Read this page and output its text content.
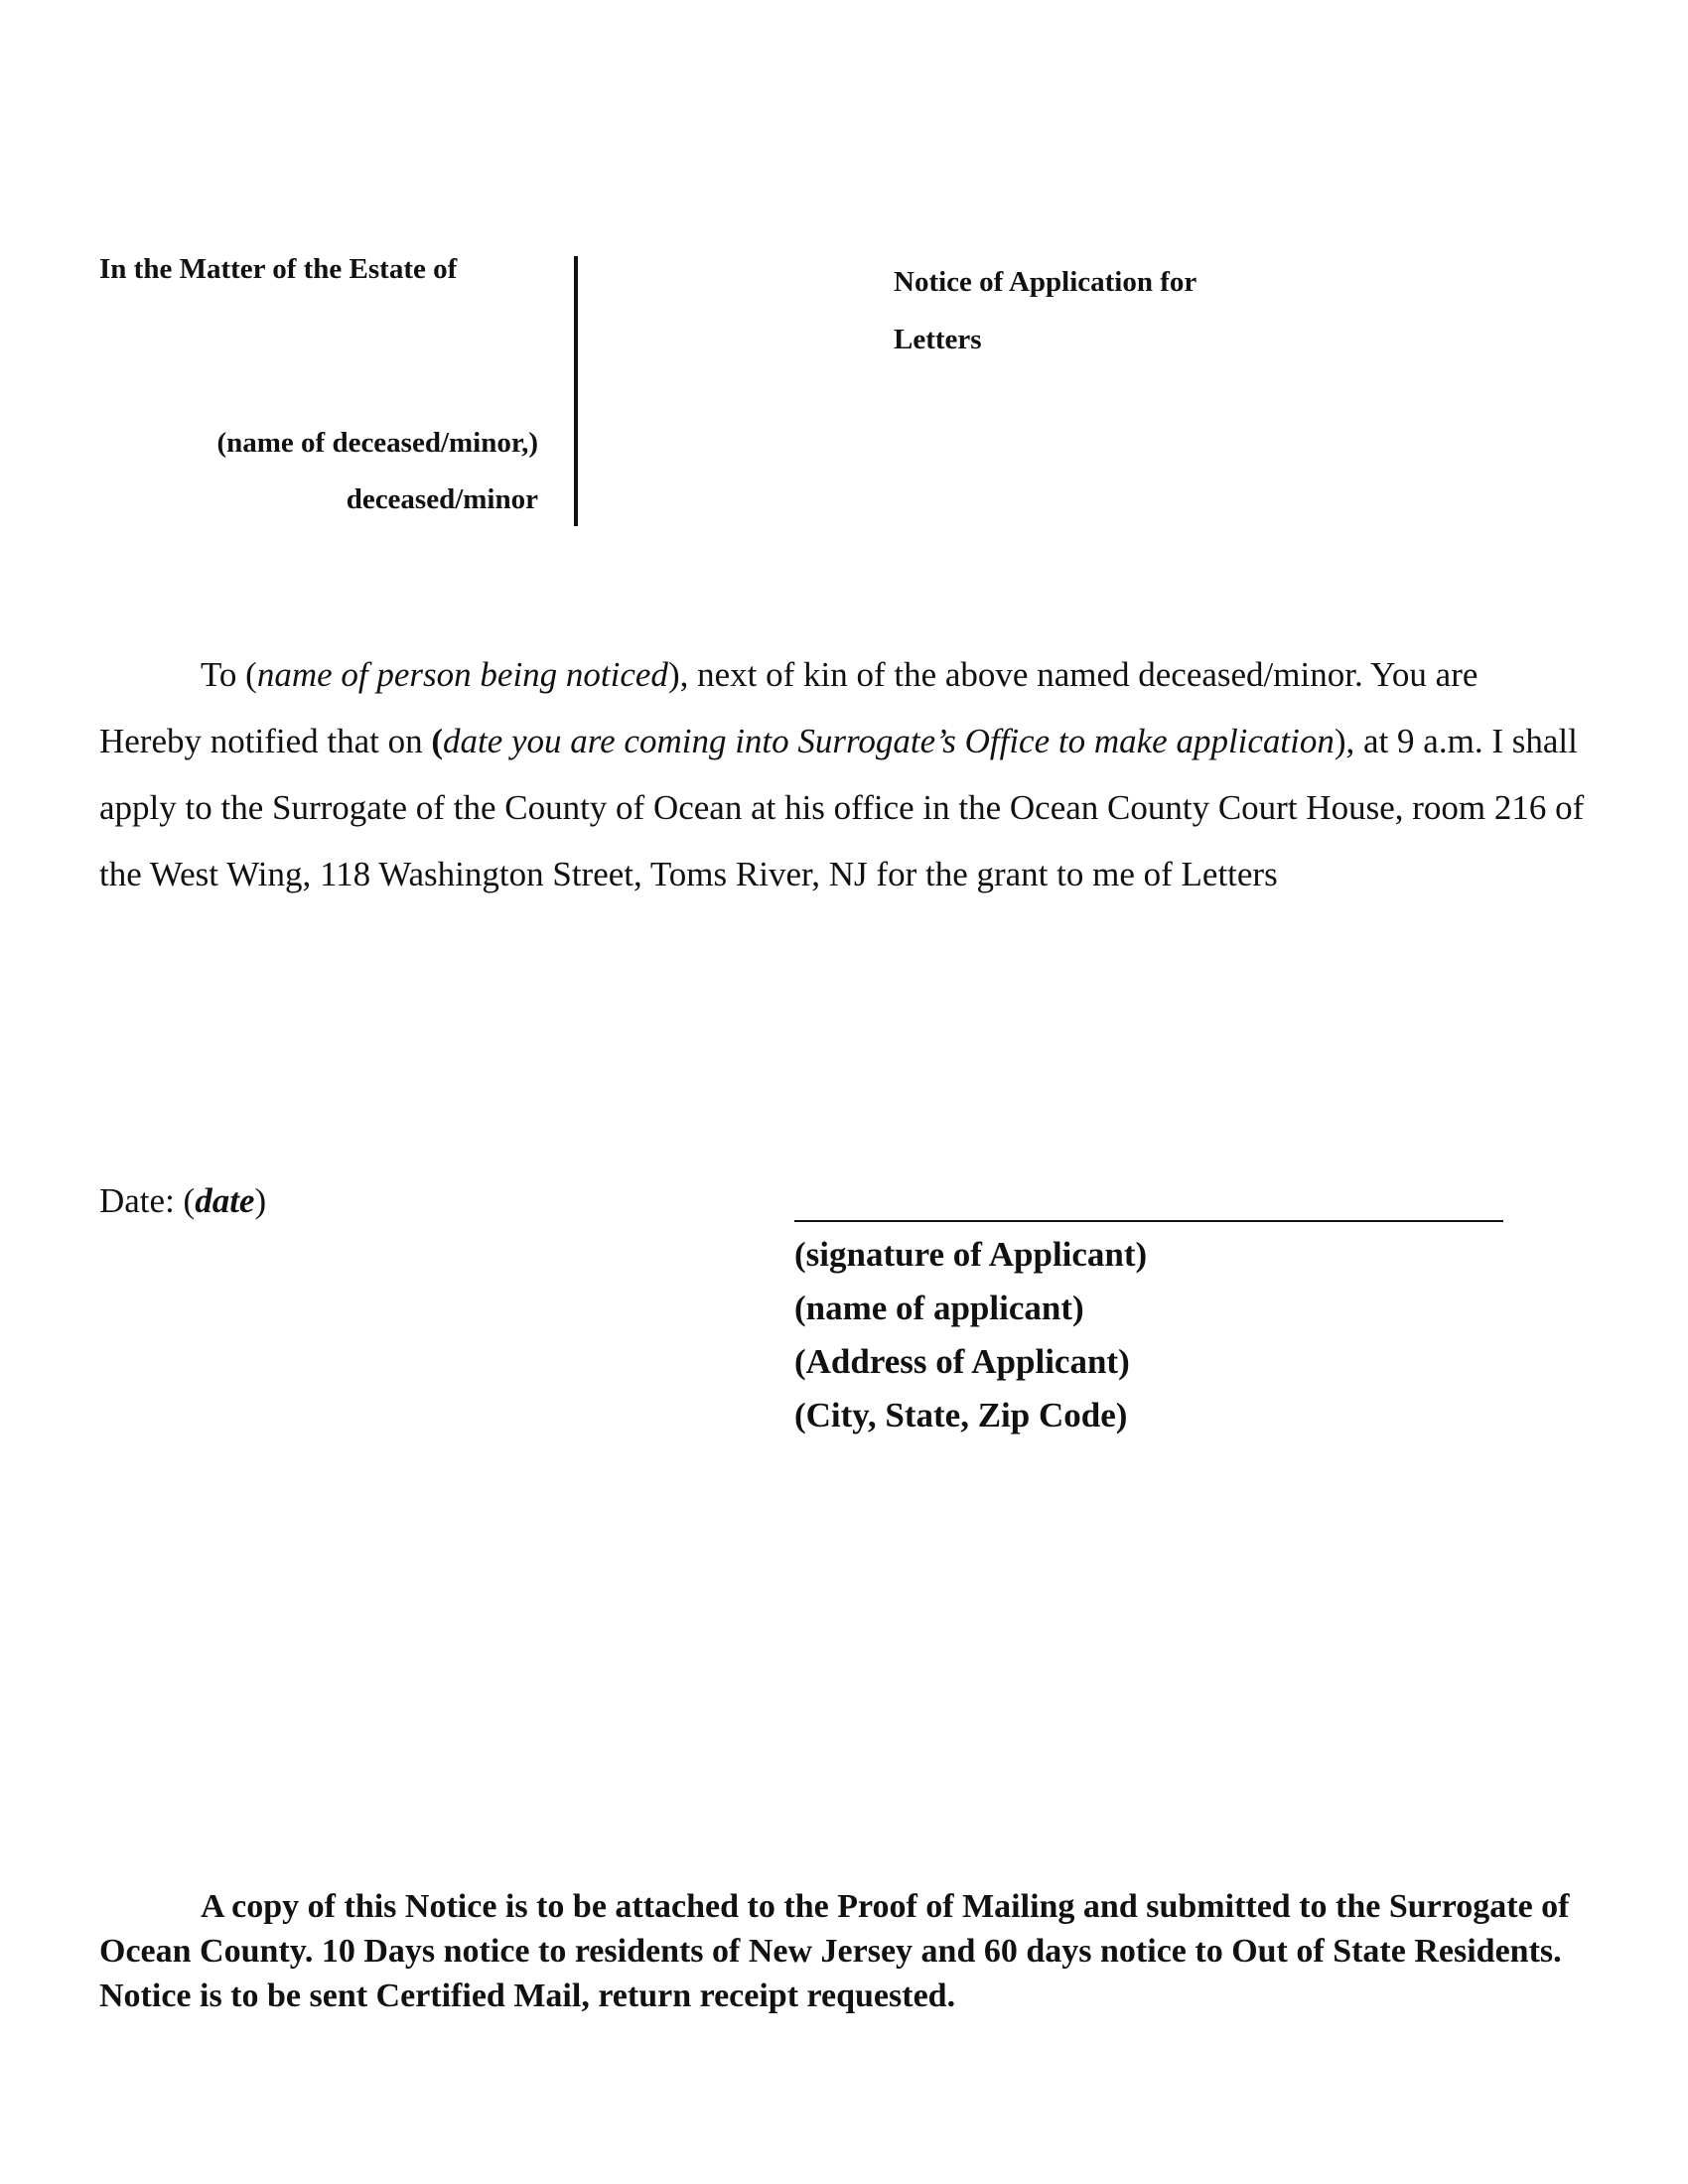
In the Matter of the Estate of
(name of deceased/minor,)
deceased/minor
Notice of Application for
Letters

To (name of person being noticed), next of kin of the above named deceased/minor. You are Hereby notified that on (date you are coming into Surrogate’s Office to make application), at 9 a.m. I shall apply to the Surrogate of the County of Ocean at his office in the Ocean County Court House, room 216 of the West Wing, 118 Washington Street, Toms River, NJ for the grant to me of Letters

Date: (date)
(signature of Applicant)
(name of applicant)
(Address of Applicant)
(City, State, Zip Code)

A copy of this Notice is to be attached to the Proof of Mailing and submitted to the Surrogate of Ocean County. 10 Days notice to residents of New Jersey and 60 days notice to Out of State Residents. Notice is to be sent Certified Mail, return receipt requested.
